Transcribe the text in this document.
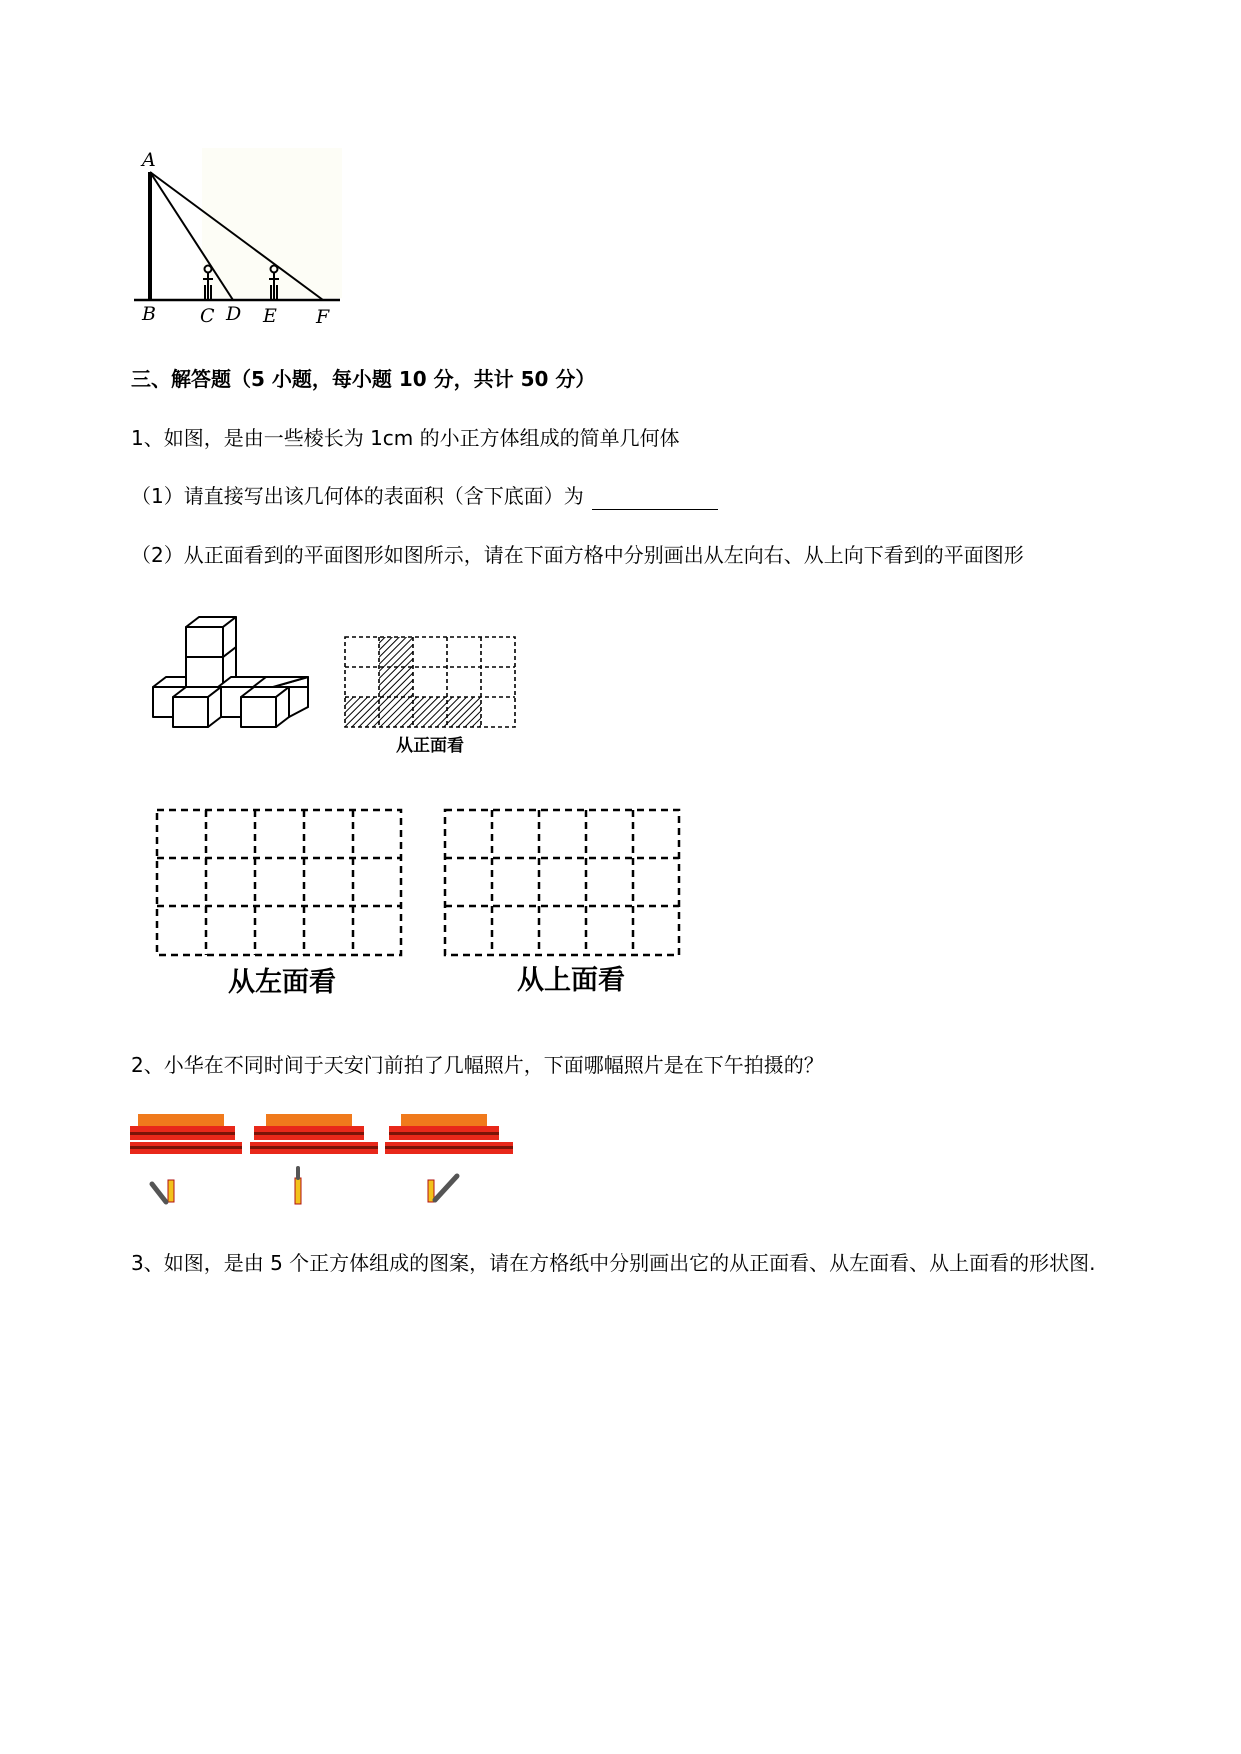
A
B C D E F
三、解答题（5 小题，每小题 10 分，共计 50 分）
1、如图，是由一些棱长为 1cm 的小正方体组成的简单几何体
（1）请直接写出该几何体的表面积（含下底面）为
（2）从正面看到的平面图形如图所示，请在下面方格中分别画出从左向右、从上向下看到的平面图形
从正面看
从左面看	从上面看
2、小华在不同时间于天安门前拍了几幅照片，下面哪幅照片是在下午拍摄的？
3、如图，是由 5 个正方体组成的图案，请在方格纸中分别画出它的从正面看、从左面看、从上面看的形状图.
